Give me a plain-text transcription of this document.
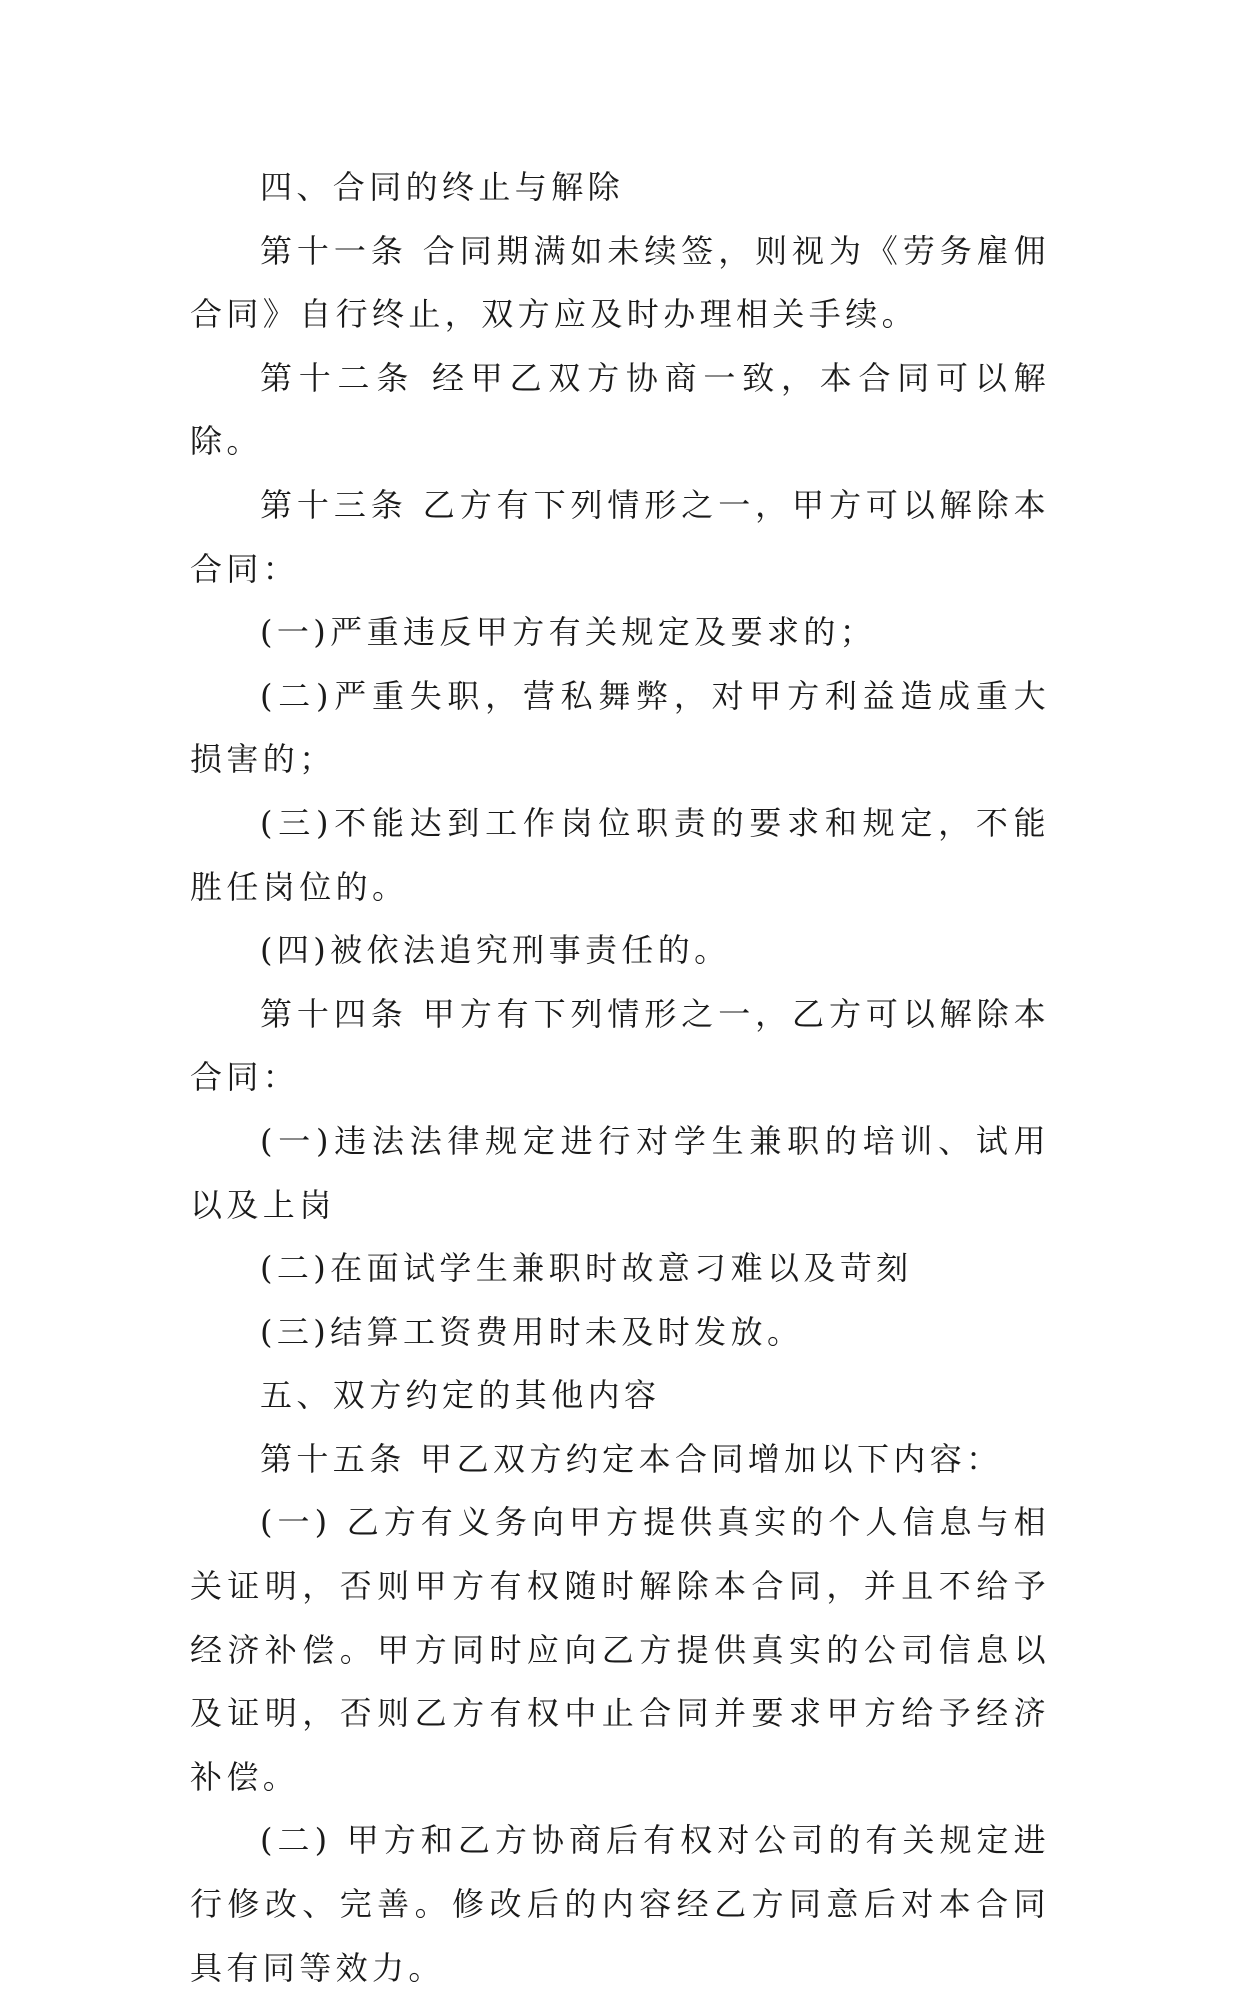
四、合同的终止与解除

第十一条 合同期满如未续签，则视为《劳务雇佣合同》自行终止，双方应及时办理相关手续。

第十二条 经甲乙双方协商一致，本合同可以解除。

第十三条 乙方有下列情形之一，甲方可以解除本合同：

(一)严重违反甲方有关规定及要求的；

(二)严重失职，营私舞弊，对甲方利益造成重大损害的；

(三)不能达到工作岗位职责的要求和规定，不能胜任岗位的。

(四)被依法追究刑事责任的。

第十四条 甲方有下列情形之一，乙方可以解除本合同：

(一)违法法律规定进行对学生兼职的培训、试用以及上岗

(二)在面试学生兼职时故意刁难以及苛刻

(三)结算工资费用时未及时发放。

五、双方约定的其他内容

第十五条 甲乙双方约定本合同增加以下内容：

(一) 乙方有义务向甲方提供真实的个人信息与相关证明，否则甲方有权随时解除本合同，并且不给予经济补偿。甲方同时应向乙方提供真实的公司信息以及证明，否则乙方有权中止合同并要求甲方给予经济补偿。

(二) 甲方和乙方协商后有权对公司的有关规定进行修改、完善。修改后的内容经乙方同意后对本合同具有同等效力。
